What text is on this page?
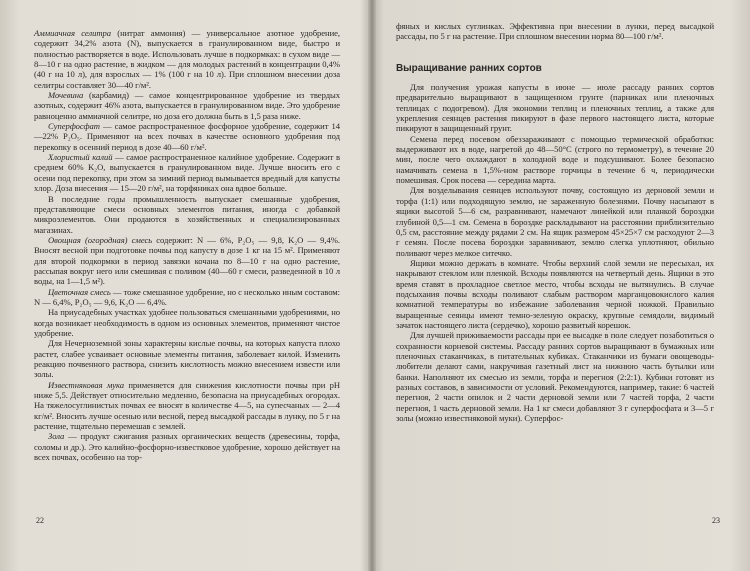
Аммиачная селитра (нитрат аммония) — универсальное азотное удобрение, содержит 34,2% азота (N), выпускается в гранулированном виде, быстро и полностью растворяется в воде. Использовать лучше в подкормках: в сухом виде — 8—10 г на одно растение, в жидком — для молодых растений в концентрации 0,4% (40 г на 10 л), для взрослых — 1% (100 г на 10 л). При сплошном внесении доза селитры составляет 30—40 г/м².

Мочевина (карбамид) — самое концентрированное удобрение из твердых азотных, содержит 46% азота, выпускается в гранулированном виде. Это удобрение равноценно аммиачной селитре, но доза его должна быть в 1,5 раза ниже.

Суперфосфат — самое распространенное фосфорное удобрение, содержит 14—22% P₂O₅. Применяют на всех почвах в качестве основного удобрения под перекопку в осенний период в дозе 40—60 г/м².

Хлористый калий — самое распространенное калийное удобрение. Содержит в среднем 60% K₂O, выпускается в гранулированном виде. Лучше вносить его с осени под перекопку, при этом за зимний период вымывается вредный для капусты хлор. Доза внесения — 15—20 г/м², на торфяниках она вдвое больше.

В последние годы промышленность выпускает смешанные удобрения, представляющие смеси основных элементов питания, иногда с добавкой микроэлементов. Они продаются в хозяйственных и специализированных магазинах.

Овощная (огородная) смесь содержит: N — 6%, P₂O₅ — 9,8, K₂O — 9,4%. Вносят весной при подготовке почвы под капусту в дозе 1 кг на 15 м². Применяют для второй подкормки в период завязки кочана по 8—10 г на одно растение, рассыпая вокруг него или смешивая с поливом (40—60 г смеси, разведенной в 10 л воды, на 1—1,5 м²).

Цветочная смесь — тоже смешанное удобрение, но с несколько иным составом: N — 6,4%, P₂O₅ — 9,6, K₂O — 6,4%.

На приусадебных участках удобнее пользоваться смешанными удобрениями, но когда возникает необходимость в одном из основных элементов, применяют чистое удобрение.

Для Нечерноземной зоны характерны кислые почвы, на которых капуста плохо растет, слабее усваивает основные элементы питания, заболевает килой. Изменить реакцию почвенного раствора, снизить кислотность можно внесением извести или золы.

Известняковая мука применяется для снижения кислотности почвы при pH ниже 5,5. Действует относительно медленно, безопасна на приусадебных огородах. На тяжелосуглинистых почвах ее вносят в количестве 4—5, на супесчаных — 2—4 кг/м². Вносить лучше осенью или весной, перед высадкой рассады в лунку, по 5 г на растение, тщательно перемешав с землей.

Зола — продукт сжигания разных органических веществ (древесины, торфа, соломы и др.). Это калийно-фосфорно-известковое удобрение, хорошо действует на всех почвах, особенно на тор-

22

фяных и кислых суглинках. Эффективна при внесении в лунки, перед высадкой рассады, по 5 г на растение. При сплошном внесении норма 80—100 г/м².

Выращивание ранних сортов

Для получения урожая капусты в июне — июле рассаду ранних сортов предварительно выращивают в защищенном грунте (парниках или пленочных теплицах с подогревом). Для экономии теплиц и пленочных теплиц, а также для укрепления сеянцев растения пикируют в фазе первого настоящего листа, которые пикируют в защищенный грунт.

Семена перед посевом обеззараживают с помощью термической обработки: выдерживают их в воде, нагретой до 48—50°С (строго по термометру), в течение 20 мин, после чего охлаждают в холодной воде и подсушивают. Более безопасно намачивать семена в 1,5%-ном растворе горчицы в течение 6 ч, периодически помешивая. Срок посева — середина марта.

Для возделывания сеянцев используют почву, состоящую из дерновой земли и торфа (1:1) или подходящую землю, не зараженную болезнями. Почву насыпают в ящики высотой 5—6 см, разравнивают, намечают линейкой или планкой бороздки глубиной 0,5—1 см. Семена в бороздке раскладывают на расстоянии приблизительно 0,5 см, расстояние между рядами 2 см. На ящик размером 45×25×7 см расходуют 2—3 г семян. После посева бороздки заравнивают, землю слегка уплотняют, обильно поливают через мелкое ситечко.

Ящики можно держать в комнате. Чтобы верхний слой земли не пересыхал, их накрывают стеклом или пленкой. Всходы появляются на четвертый день. Ящики в это время ставят в прохладное светлое место, чтобы всходы не вытянулись. В случае подсыхания почвы всходы поливают слабым раствором марганцовокислого калия комнатной температуры во избежание заболевания черной ножкой. Правильно выращенные сеянцы имеют темно-зеленую окраску, крупные семядоли, видимый зачаток настоящего листа (сердечко), хорошо развитый корешок.

Для лучшей приживаемости рассады при ее высадке в поле следует позаботиться о сохранности корневой системы. Рассаду ранних сортов выращивают в бумажных или пленочных стаканчиках, в питательных кубиках. Стаканчики из бумаги овощеводы-любители делают сами, накручивая газетный лист на нижнюю часть бутылки или банки. Наполняют их смесью из земли, торфа и перегноя (2:2:1). Кубики готовят из разных составов, в зависимости от условий. Рекомендуются, например, такие: 6 частей перегноя, 2 части опилок и 2 части дерновой земли или 7 частей торфа, 2 части перегноя, 1 часть дерновой земли. На 1 кг смеси добавляют 3 г суперфосфата и 3—5 г золы (можно известняковой муки). Суперфос-

23
